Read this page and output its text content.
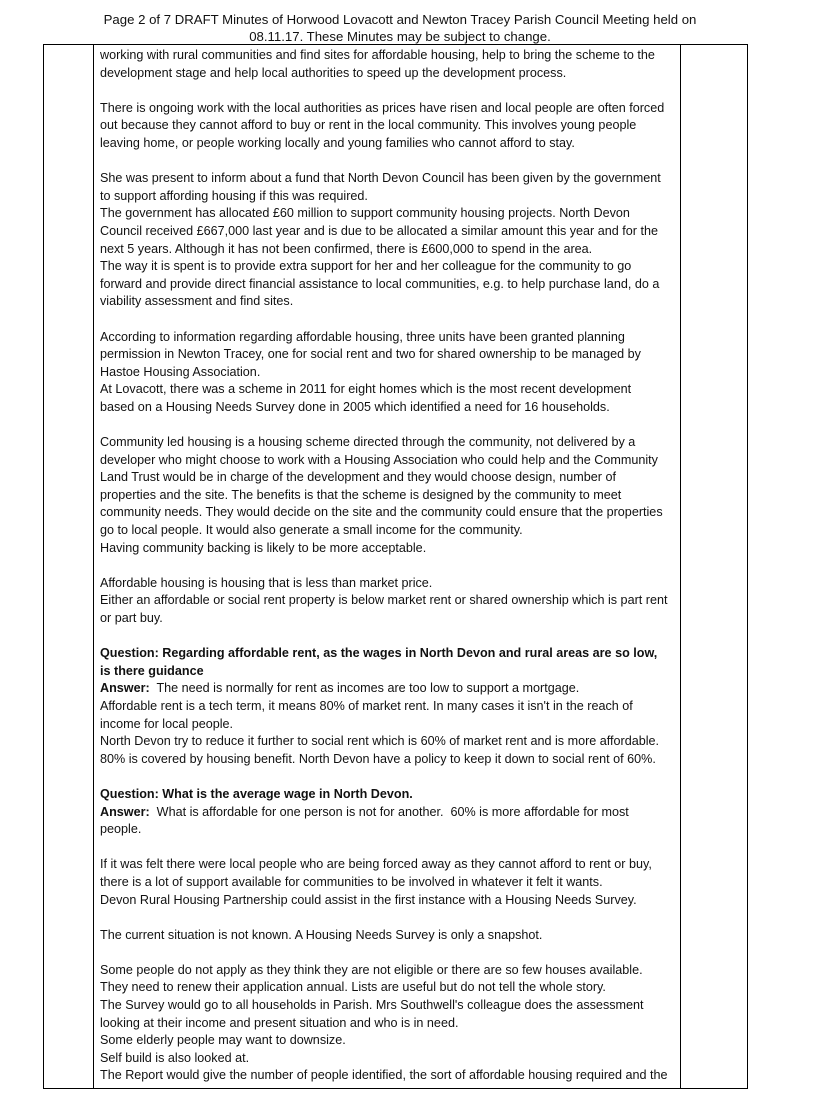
Page 2 of 7 DRAFT Minutes of Horwood Lovacott and Newton Tracey Parish Council Meeting held on
08.11.17. These Minutes may be subject to change.
working with rural communities and find sites for affordable housing, help to bring the scheme to the
development stage and help local authorities to speed up the development process.
There is ongoing work with the local authorities as prices have risen and local people are often forced
out because they cannot afford to buy or rent in the local community. This involves young people
leaving home, or people working locally and young families who cannot afford to stay.
She was present to inform about a fund that North Devon Council has been given by the government
to support affording housing if this was required.
The government has allocated £60 million to support community housing projects. North Devon
Council received £667,000 last year and is due to be allocated a similar amount this year and for the
next 5 years. Although it has not been confirmed, there is £600,000 to spend in the area.
The way it is spent is to provide extra support for her and her colleague for the community to go
forward and provide direct financial assistance to local communities, e.g. to help purchase land, do a
viability assessment and find sites.
According to information regarding affordable housing, three units have been granted planning
permission in Newton Tracey, one for social rent and two for shared ownership to be managed by
Hastoe Housing Association.
At Lovacott, there was a scheme in 2011 for eight homes which is the most recent development
based on a Housing Needs Survey done in 2005 which identified a need for 16 households.
Community led housing is a housing scheme directed through the community, not delivered by a
developer who might choose to work with a Housing Association who could help and the Community
Land Trust would be in charge of the development and they would choose design, number of
properties and the site. The benefits is that the scheme is designed by the community to meet
community needs. They would decide on the site and the community could ensure that the properties
go to local people. It would also generate a small income for the community.
Having community backing is likely to be more acceptable.
Affordable housing is housing that is less than market price.
Either an affordable or social rent property is below market rent or shared ownership which is part rent
or part buy.
Question: Regarding affordable rent, as the wages in North Devon and rural areas are so low,
is there guidance
Answer:  The need is normally for rent as incomes are too low to support a mortgage.
Affordable rent is a tech term, it means 80% of market rent. In many cases it isn't in the reach of
income for local people.
North Devon try to reduce it further to social rent which is 60% of market rent and is more affordable.
80% is covered by housing benefit. North Devon have a policy to keep it down to social rent of 60%.
Question: What is the average wage in North Devon.
Answer:  What is affordable for one person is not for another.  60% is more affordable for most
people.
If it was felt there were local people who are being forced away as they cannot afford to rent or buy,
there is a lot of support available for communities to be involved in whatever it felt it wants.
Devon Rural Housing Partnership could assist in the first instance with a Housing Needs Survey.
The current situation is not known. A Housing Needs Survey is only a snapshot.
Some people do not apply as they think they are not eligible or there are so few houses available.
They need to renew their application annual. Lists are useful but do not tell the whole story.
The Survey would go to all households in Parish. Mrs Southwell's colleague does the assessment
looking at their income and present situation and who is in need.
Some elderly people may want to downsize.
Self build is also looked at.
The Report would give the number of people identified, the sort of affordable housing required and the
